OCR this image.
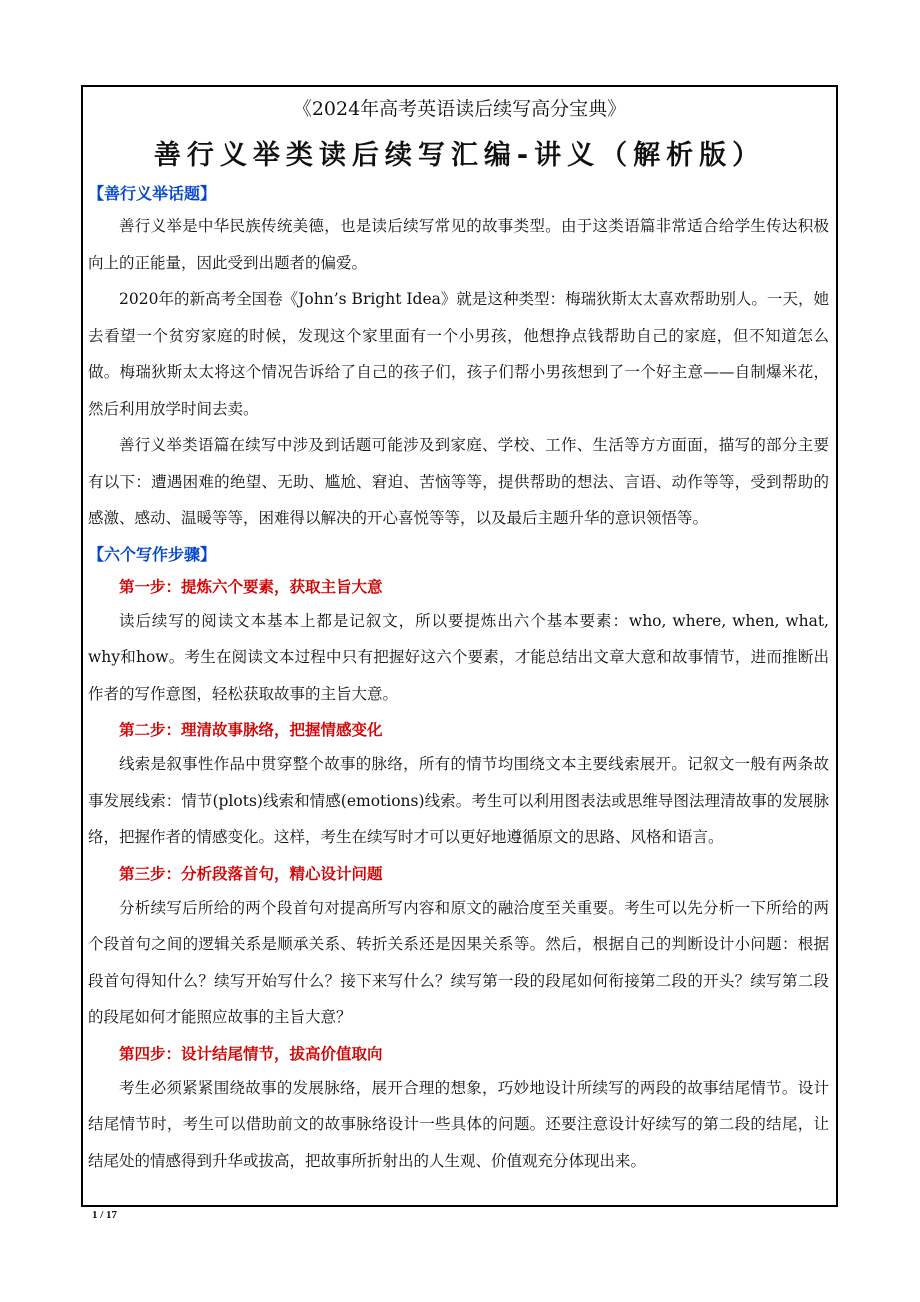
《2024年高考英语读后续写高分宝典》
善行义举类读后续写汇编-讲义（解析版）
【善行义举话题】

善行义举是中华民族传统美德，也是读后续写常见的故事类型。由于这类语篇非常适合给学生传达积极向上的正能量，因此受到出题者的偏爱。

2020年的新高考全国卷《John’s Bright Idea》就是这种类型：梅瑞狄斯太太喜欢帮助别人。一天，她去看望一个贫穷家庭的时候，发现这个家里面有一个小男孩，他想挣点钱帮助自己的家庭，但不知道怎么做。梅瑞狄斯太太将这个情况告诉给了自己的孩子们，孩子们帮小男孩想到了一个好主意——自制爆米花，然后利用放学时间去卖。

善行义举类语篇在续写中涉及到话题可能涉及到家庭、学校、工作、生活等方方面面，描写的部分主要有以下：遭遇困难的绝望、无助、尴尬、窘迫、苦恼等等，提供帮助的想法、言语、动作等等，受到帮助的感激、感动、温暖等等，困难得以解决的开心喜悦等等，以及最后主题升华的意识领悟等。

【六个写作步骤】
第一步：提炼六个要素，获取主旨大意

读后续写的阅读文本基本上都是记叙文，所以要提炼出六个基本要素：who, where, when, what, why和how。考生在阅读文本过程中只有把握好这六个要素，才能总结出文章大意和故事情节，进而推断出作者的写作意图，轻松获取故事的主旨大意。

第二步：理清故事脉络，把握情感变化

线索是叙事性作品中贯穿整个故事的脉络，所有的情节均围绕文本主要线索展开。记叙文一般有两条故事发展线索：情节(plots)线索和情感(emotions)线索。考生可以利用图表法或思维导图法理清故事的发展脉络，把握作者的情感变化。这样，考生在续写时才可以更好地遵循原文的思路、风格和语言。

第三步：分析段落首句，精心设计问题

分析续写后所给的两个段首句对提高所写内容和原文的融洽度至关重要。考生可以先分析一下所给的两个段首句之间的逻辑关系是顺承关系、转折关系还是因果关系等。然后，根据自己的判断设计小问题：根据段首句得知什么？续写开始写什么？接下来写什么？续写第一段的段尾如何衔接第二段的开头？续写第二段的段尾如何才能照应故事的主旨大意？

第四步：设计结尾情节，拔高价值取向

考生必须紧紧围绕故事的发展脉络，展开合理的想象，巧妙地设计所续写的两段的故事结尾情节。设计结尾情节时，考生可以借助前文的故事脉络设计一些具体的问题。还要注意设计好续写的第二段的结尾，让结尾处的情感得到升华或拔高，把故事所折射出的人生观、价值观充分体现出来。

1 / 17
